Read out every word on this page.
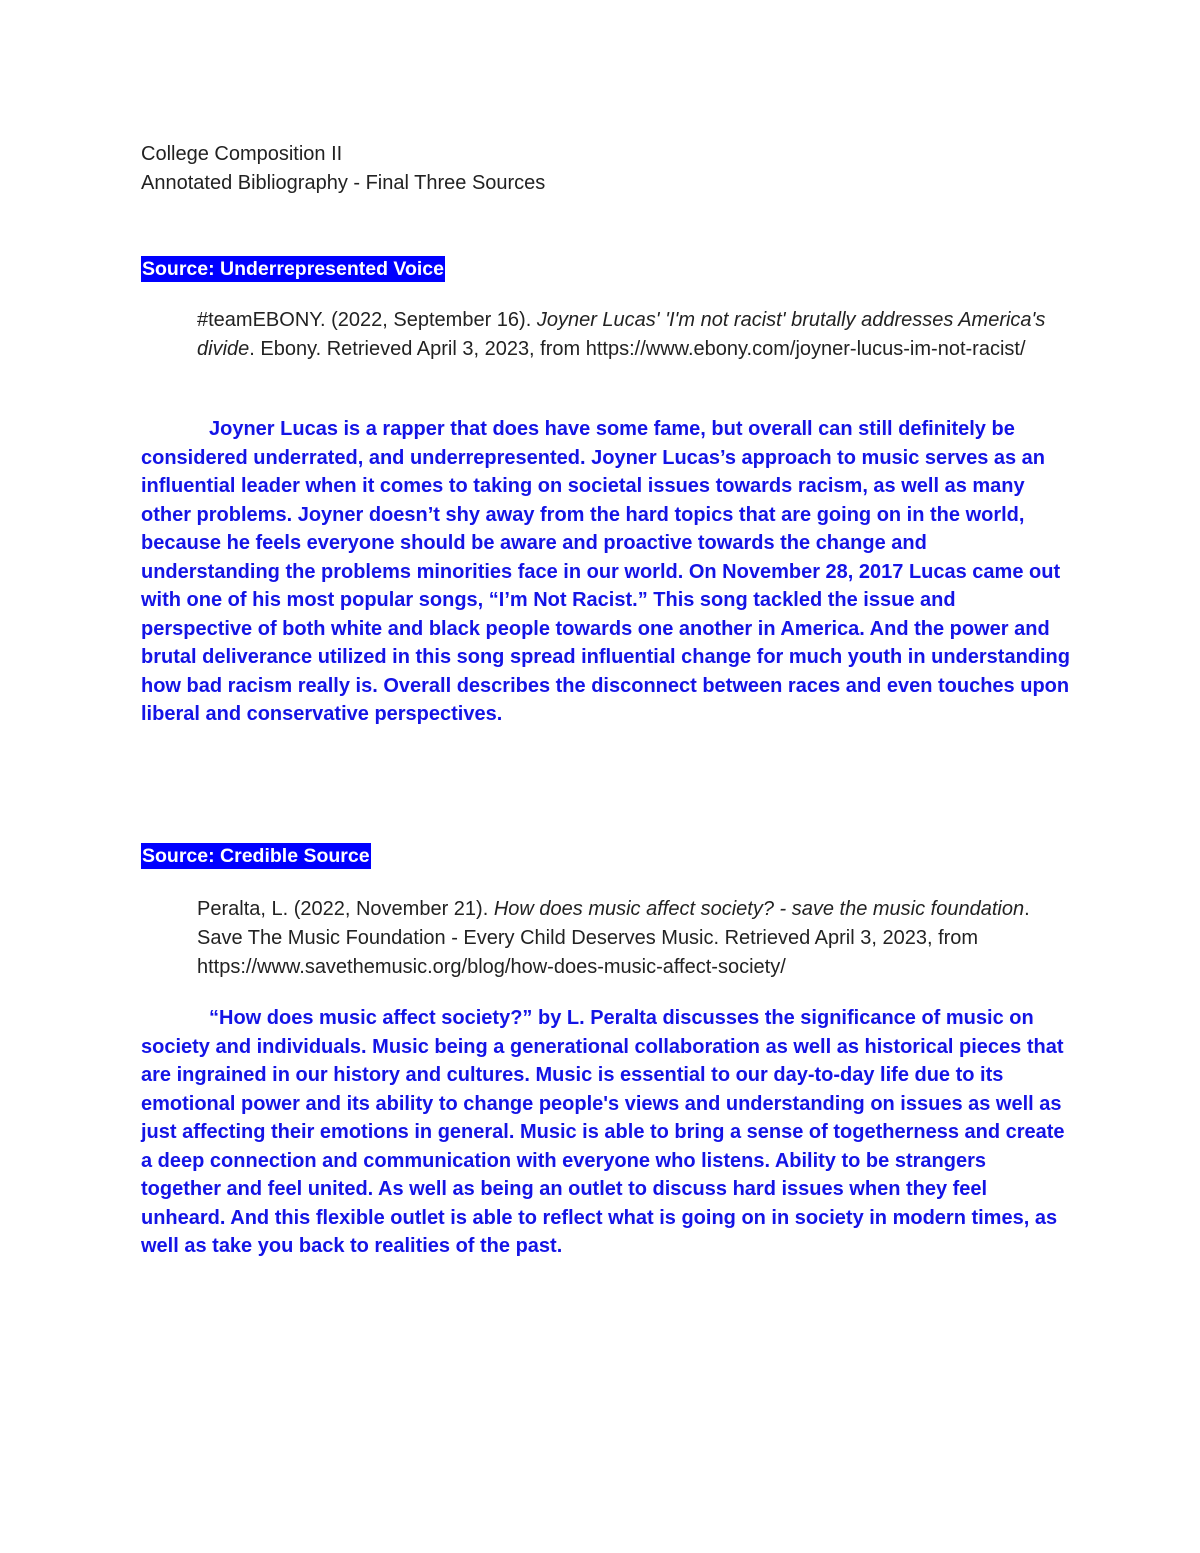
College Composition II
Annotated Bibliography - Final Three Sources
Source: Underrepresented Voice

#teamEBONY. (2022, September 16). Joyner Lucas' 'I'm not racist' brutally addresses America's divide. Ebony. Retrieved April 3, 2023, from https://www.ebony.com/joyner-lucus-im-not-racist/

Joyner Lucas is a rapper that does have some fame, but overall can still definitely be considered underrated, and underrepresented. Joyner Lucas’s approach to music serves as an influential leader when it comes to taking on societal issues towards racism, as well as many other problems. Joyner doesn’t shy away from the hard topics that are going on in the world, because he feels everyone should be aware and proactive towards the change and understanding the problems minorities face in our world. On November 28, 2017 Lucas came out with one of his most popular songs, “I’m Not Racist.” This song tackled the issue and perspective of both white and black people towards one another in America. And the power and brutal deliverance utilized in this song spread influential change for much youth in understanding how bad racism really is. Overall describes the disconnect between races and even touches upon liberal and conservative perspectives.

Source: Credible Source

Peralta, L. (2022, November 21). How does music affect society? - save the music foundation. Save The Music Foundation - Every Child Deserves Music. Retrieved April 3, 2023, from https://www.savethemusic.org/blog/how-does-music-affect-society/

“How does music affect society?” by L. Peralta discusses the significance of music on society and individuals. Music being a generational collaboration as well as historical pieces that are ingrained in our history and cultures. Music is essential to our day-to-day life due to its emotional power and its ability to change people's views and understanding on issues as well as just affecting their emotions in general. Music is able to bring a sense of togetherness and create a deep connection and communication with everyone who listens. Ability to be strangers together and feel united. As well as being an outlet to discuss hard issues when they feel unheard. And this flexible outlet is able to reflect what is going on in society in modern times, as well as take you back to realities of the past.
